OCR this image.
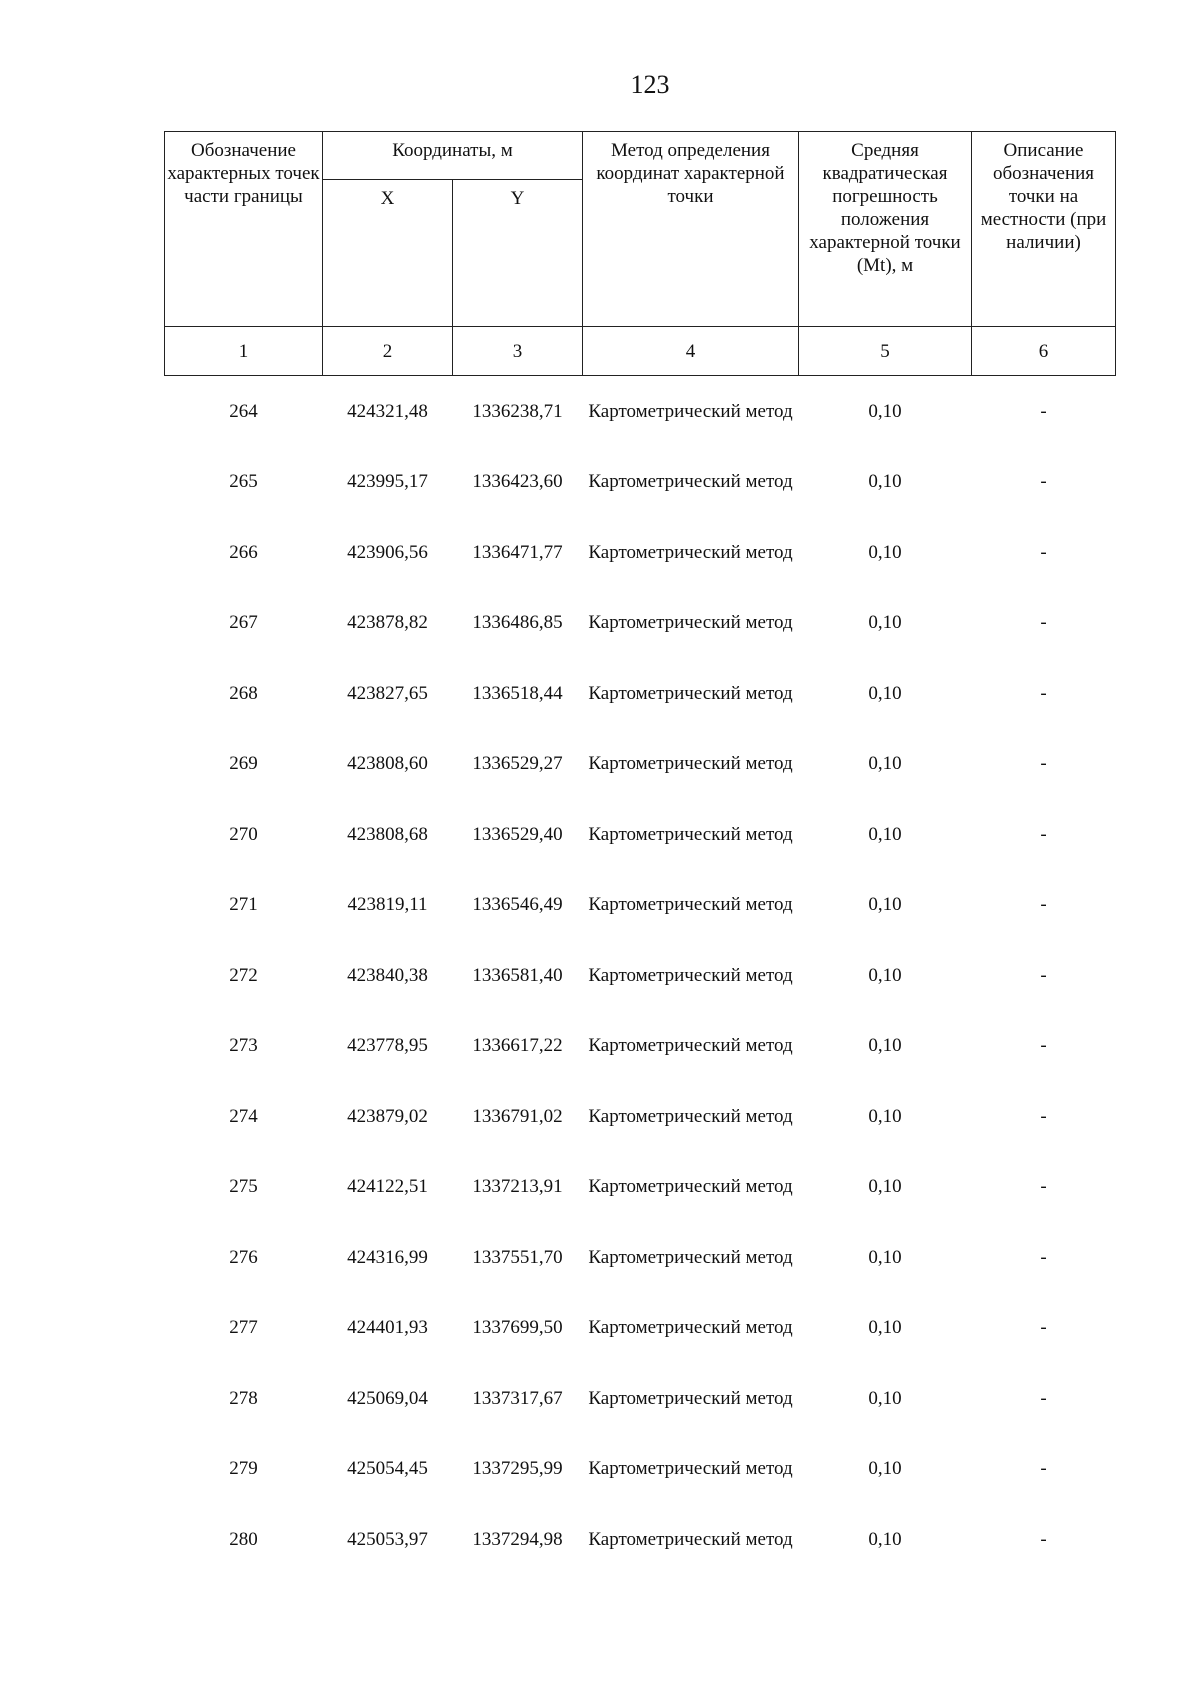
123
Обозначение характерных точек части границы	Координаты, м		Метод определения координат характерной точки	Средняя квадратическая погрешность положения характерной точки (Mt), м	Описание обозначения точки на местности (при наличии)
	X	Y			
1	2	3	4	5	6
264	424321,48	1336238,71	Картометрический метод	0,10	-
265	423995,17	1336423,60	Картометрический метод	0,10	-
266	423906,56	1336471,77	Картометрический метод	0,10	-
267	423878,82	1336486,85	Картометрический метод	0,10	-
268	423827,65	1336518,44	Картометрический метод	0,10	-
269	423808,60	1336529,27	Картометрический метод	0,10	-
270	423808,68	1336529,40	Картометрический метод	0,10	-
271	423819,11	1336546,49	Картометрический метод	0,10	-
272	423840,38	1336581,40	Картометрический метод	0,10	-
273	423778,95	1336617,22	Картометрический метод	0,10	-
274	423879,02	1336791,02	Картометрический метод	0,10	-
275	424122,51	1337213,91	Картометрический метод	0,10	-
276	424316,99	1337551,70	Картометрический метод	0,10	-
277	424401,93	1337699,50	Картометрический метод	0,10	-
278	425069,04	1337317,67	Картометрический метод	0,10	-
279	425054,45	1337295,99	Картометрический метод	0,10	-
280	425053,97	1337294,98	Картометрический метод	0,10	-
